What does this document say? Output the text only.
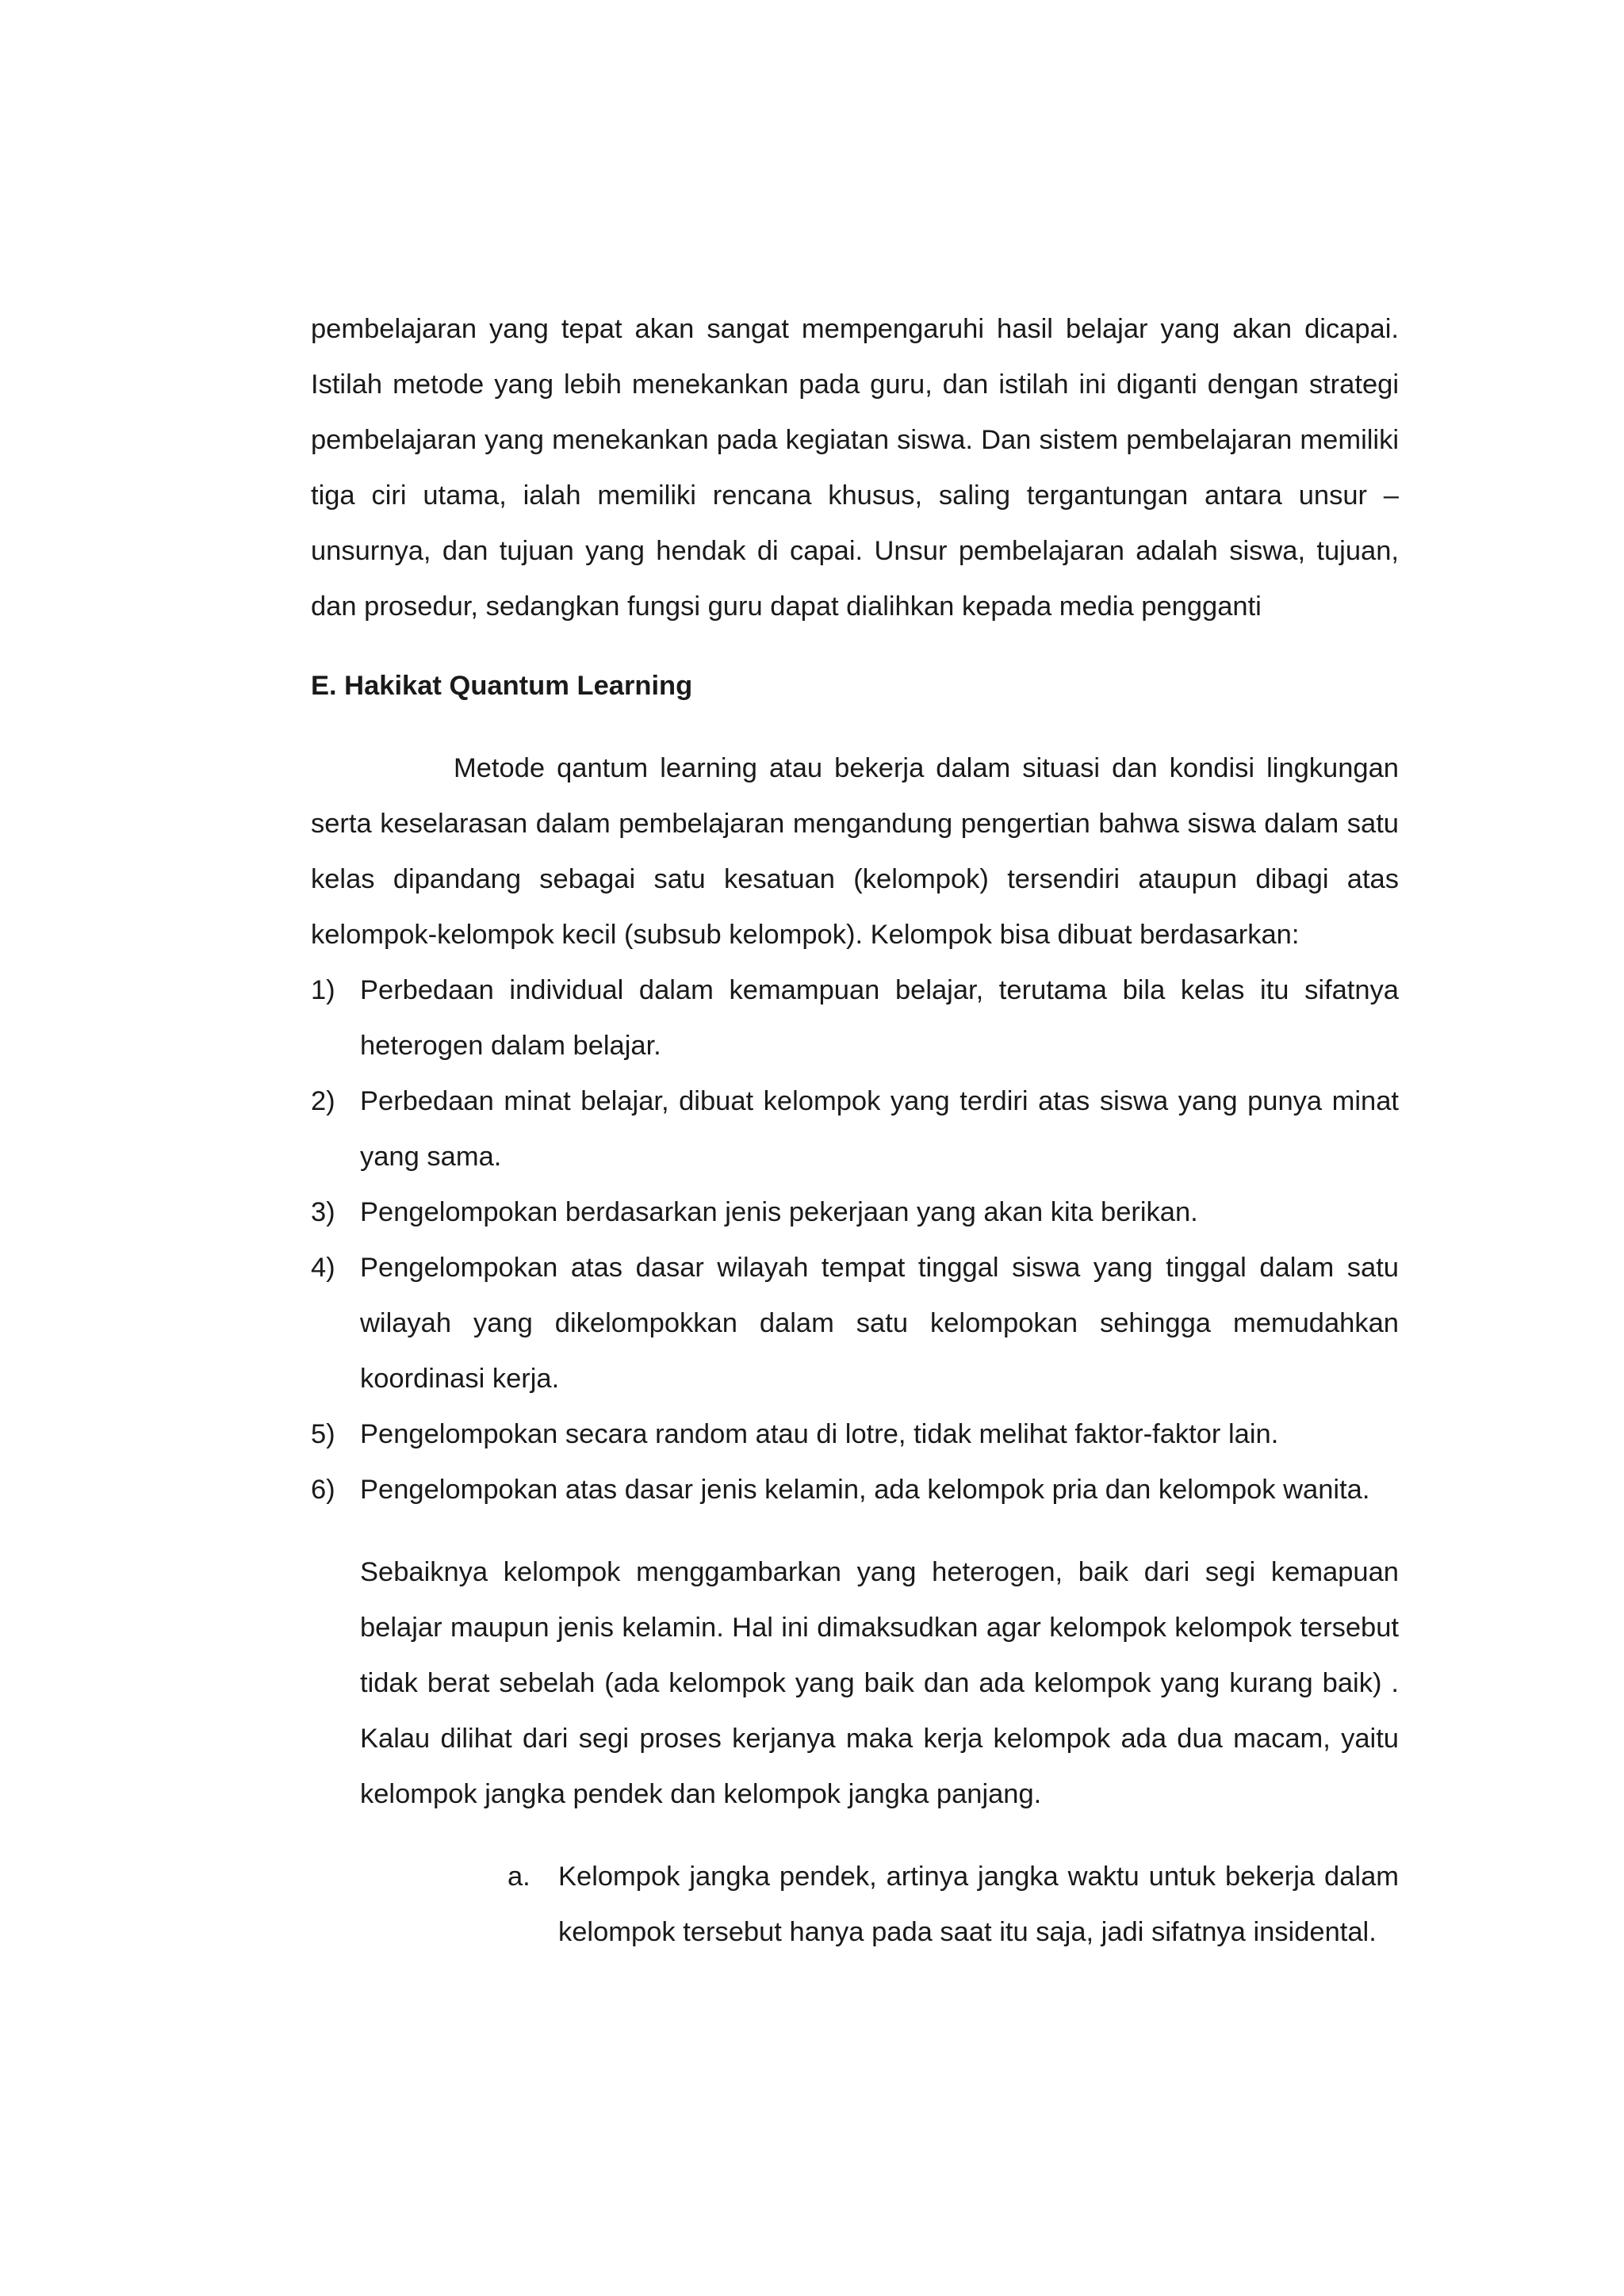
pembelajaran yang tepat akan sangat mempengaruhi hasil belajar yang akan dicapai. Istilah metode yang lebih menekankan pada guru, dan istilah ini diganti dengan strategi pembelajaran yang menekankan pada kegiatan siswa. Dan sistem pembelajaran memiliki tiga ciri utama, ialah memiliki rencana khusus, saling tergantungan antara unsur – unsurnya, dan tujuan yang hendak di capai. Unsur pembelajaran adalah siswa, tujuan, dan prosedur, sedangkan fungsi guru dapat dialihkan kepada media pengganti

E. Hakikat Quantum Learning

Metode qantum learning atau bekerja dalam situasi dan kondisi lingkungan serta keselarasan dalam pembelajaran mengandung pengertian bahwa siswa dalam satu kelas dipandang sebagai satu kesatuan (kelompok) tersendiri ataupun dibagi atas kelompok-kelompok kecil (subsub kelompok). Kelompok bisa dibuat berdasarkan:

1) Perbedaan individual dalam kemampuan belajar, terutama bila kelas itu sifatnya heterogen dalam belajar.
2) Perbedaan minat belajar, dibuat kelompok yang terdiri atas siswa yang punya minat yang sama.
3) Pengelompokan berdasarkan jenis pekerjaan yang akan kita berikan.
4) Pengelompokan atas dasar wilayah tempat tinggal siswa yang tinggal dalam satu wilayah yang dikelompokkan dalam satu kelompokan sehingga memudahkan koordinasi kerja.
5) Pengelompokan secara random atau di lotre, tidak melihat faktor-faktor lain.
6) Pengelompokan atas dasar jenis kelamin, ada kelompok pria dan kelompok wanita.

Sebaiknya kelompok menggambarkan yang heterogen, baik dari segi kemapuan belajar maupun jenis kelamin. Hal ini dimaksudkan agar kelompok kelompok tersebut tidak berat sebelah (ada kelompok yang baik dan ada kelompok yang kurang baik) . Kalau dilihat dari segi proses kerjanya maka kerja kelompok ada dua macam, yaitu kelompok jangka pendek dan kelompok jangka panjang.

a.	Kelompok jangka pendek, artinya jangka waktu untuk bekerja dalam kelompok tersebut hanya pada saat itu saja, jadi sifatnya insidental.
